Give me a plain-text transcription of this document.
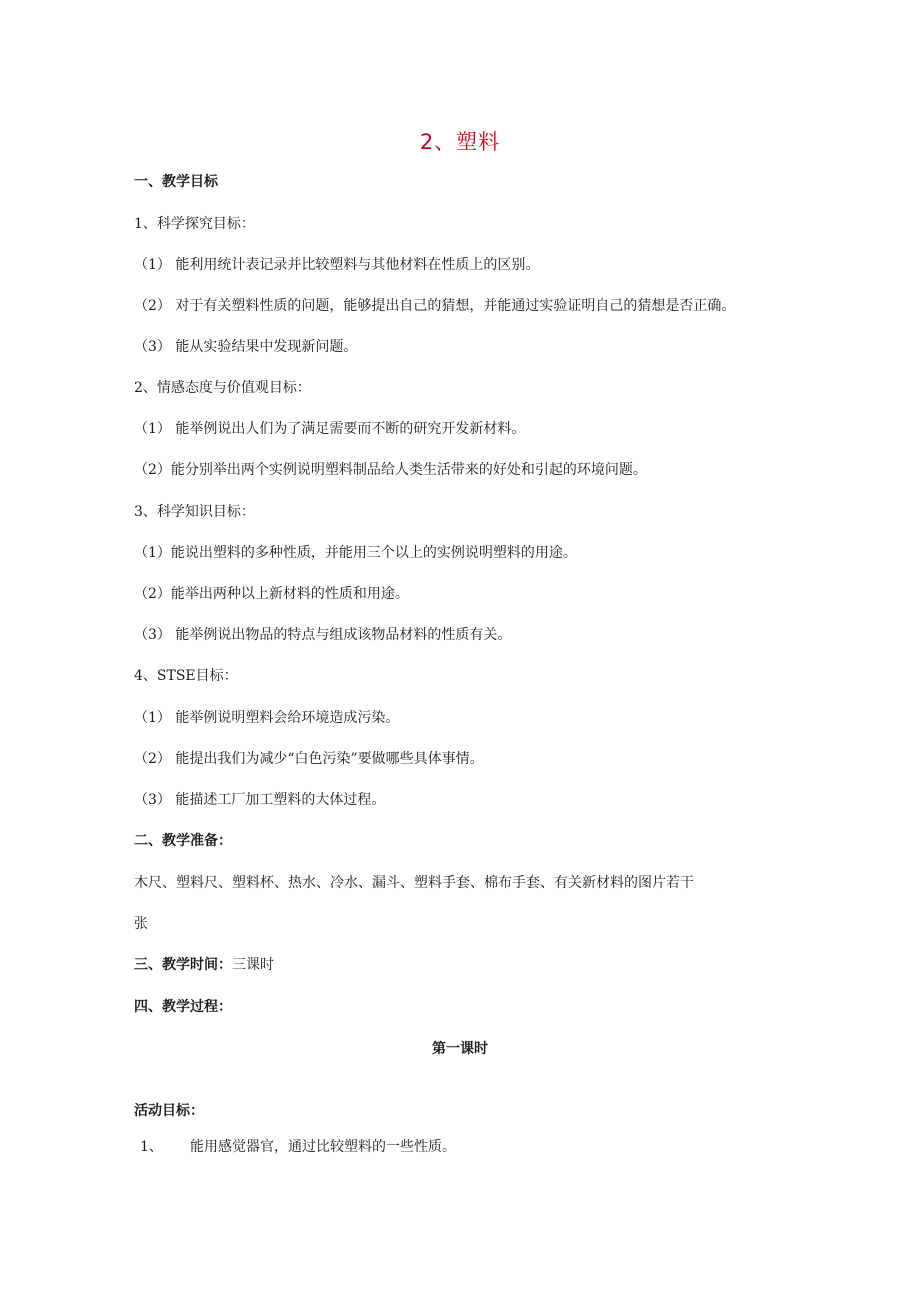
2、塑料
一、教学目标
1、科学探究目标：
（1） 能利用统计表记录并比较塑料与其他材料在性质上的区别。
（2） 对于有关塑料性质的问题，能够提出自己的猜想，并能通过实验证明自己的猜想是否正确。
（3） 能从实验结果中发现新问题。
2、情感态度与价值观目标：
（1） 能举例说出人们为了满足需要而不断的研究开发新材料。
（2）能分别举出两个实例说明塑料制品给人类生活带来的好处和引起的环境问题。
3、科学知识目标：
（1）能说出塑料的多种性质，并能用三个以上的实例说明塑料的用途。
（2）能举出两种以上新材料的性质和用途。
（3） 能举例说出物品的特点与组成该物品材料的性质有关。
4、STSE目标：
（1） 能举例说明塑料会给环境造成污染。
（2） 能提出我们为减少“白色污染”要做哪些具体事情。
（3） 能描述工厂加工塑料的大体过程。
二、教学准备：
木尺、塑料尺、塑料杯、热水、冷水、漏斗、塑料手套、棉布手套、有关新材料的图片若干
张
三、教学时间：三课时
四、教学过程：
第一课时
活动目标：
1、 能用感觉器官，通过比较塑料的一些性质。
